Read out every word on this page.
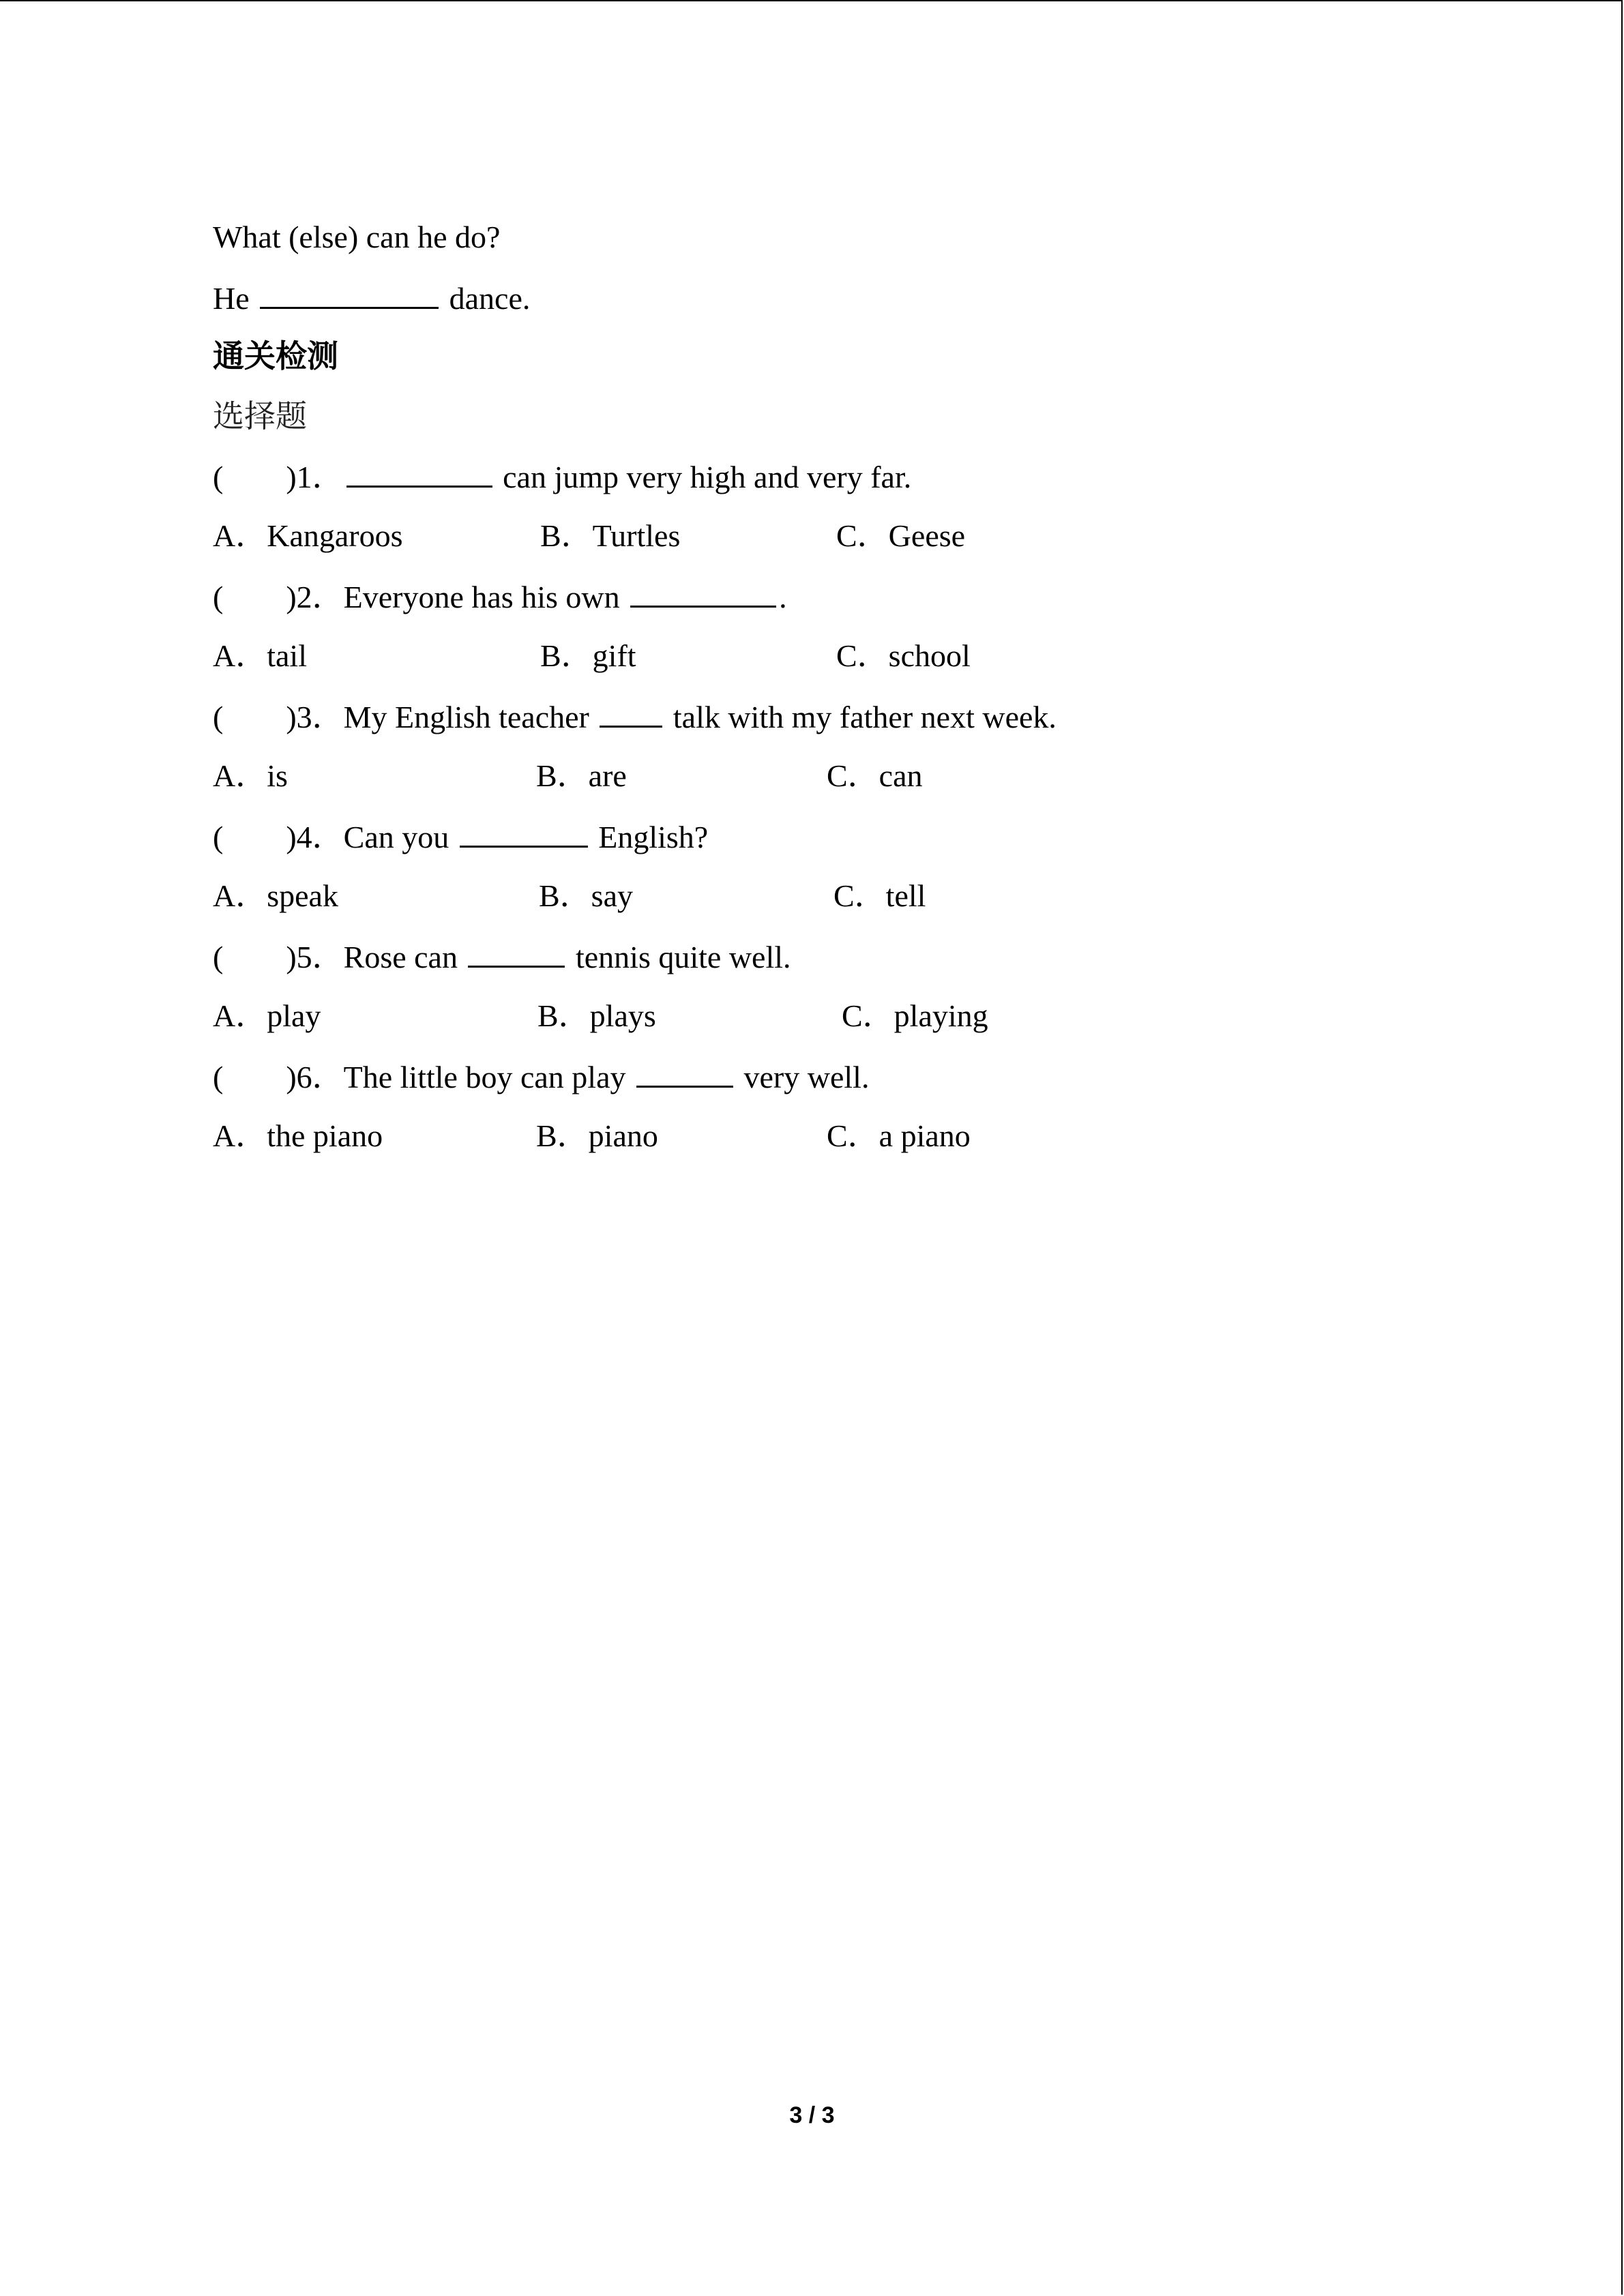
What (else) can he do?
He	dance.
通关检测
选择题
(        )1．	can jump very high and very far.
A．Kangaroos	B．Turtles	C．Geese
(        )2．Everyone has his own	.
A．tail	B．gift	C．school
(        )3．My English teacher  talk with my father next week.
A．is	B．are	C．can
(        )4．Can you	English?
A．speak	B．say	C．tell
(        )5．Rose can	tennis quite well.
A．play	B．plays	C．playing
(        )6．The little boy can play	very well.
A．the piano	B．piano	C．a piano
3 / 3
